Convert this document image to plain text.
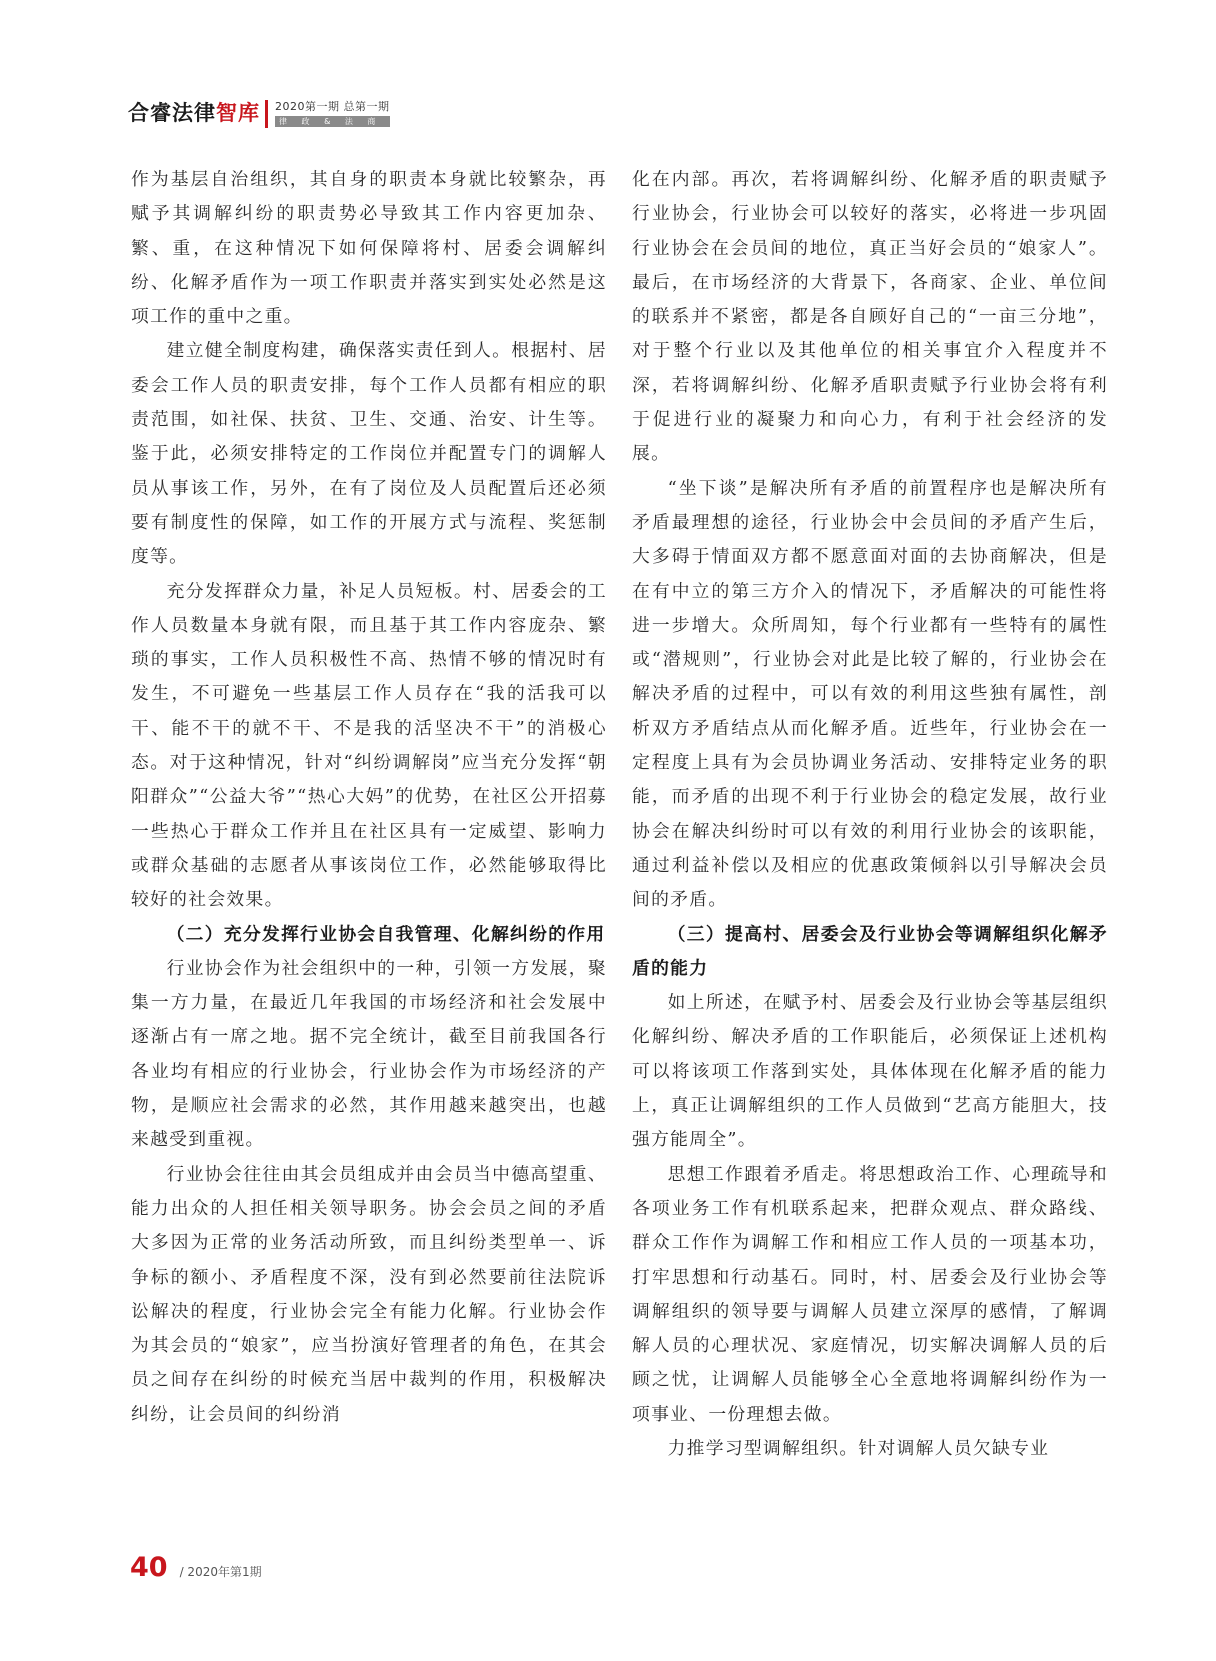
合睿法律智库 2020第一期 总第一期
律 政 & 法 商

作为基层自治组织，其自身的职责本身就比较繁杂，再赋予其调解纠纷的职责势必导致其工作内容更加杂、繁、重，在这种情况下如何保障将村、居委会调解纠纷、化解矛盾作为一项工作职责并落实到实处必然是这项工作的重中之重。

建立健全制度构建，确保落实责任到人。根据村、居委会工作人员的职责安排，每个工作人员都有相应的职责范围，如社保、扶贫、卫生、交通、治安、计生等。鉴于此，必须安排特定的工作岗位并配置专门的调解人员从事该工作，另外，在有了岗位及人员配置后还必须要有制度性的保障，如工作的开展方式与流程、奖惩制度等。

充分发挥群众力量，补足人员短板。村、居委会的工作人员数量本身就有限，而且基于其工作内容庞杂、繁琐的事实，工作人员积极性不高、热情不够的情况时有发生，不可避免一些基层工作人员存在“我的活我可以干、能不干的就不干、不是我的活坚决不干”的消极心态。对于这种情况，针对“纠纷调解岗”应当充分发挥“朝阳群众”“公益大爷”“热心大妈”的优势，在社区公开招募一些热心于群众工作并且在社区具有一定威望、影响力或群众基础的志愿者从事该岗位工作，必然能够取得比较好的社会效果。

（二）充分发挥行业协会自我管理、化解纠纷的作用

行业协会作为社会组织中的一种，引领一方发展，聚集一方力量，在最近几年我国的市场经济和社会发展中逐渐占有一席之地。据不完全统计，截至目前我国各行各业均有相应的行业协会，行业协会作为市场经济的产物，是顺应社会需求的必然，其作用越来越突出，也越来越受到重视。

行业协会往往由其会员组成并由会员当中德高望重、能力出众的人担任相关领导职务。协会会员之间的矛盾大多因为正常的业务活动所致，而且纠纷类型单一、诉争标的额小、矛盾程度不深，没有到必然要前往法院诉讼解决的程度，行业协会完全有能力化解。行业协会作为其会员的“娘家”，应当扮演好管理者的角色，在其会员之间存在纠纷的时候充当居中裁判的作用，积极解决纠纷，让会员间的纠纷消

化在内部。再次，若将调解纠纷、化解矛盾的职责赋予行业协会，行业协会可以较好的落实，必将进一步巩固行业协会在会员间的地位，真正当好会员的“娘家人”。最后，在市场经济的大背景下，各商家、企业、单位间的联系并不紧密，都是各自顾好自己的“一亩三分地”，对于整个行业以及其他单位的相关事宜介入程度并不深，若将调解纠纷、化解矛盾职责赋予行业协会将有利于促进行业的凝聚力和向心力，有利于社会经济的发展。

“坐下谈”是解决所有矛盾的前置程序也是解决所有矛盾最理想的途径，行业协会中会员间的矛盾产生后，大多碍于情面双方都不愿意面对面的去协商解决，但是在有中立的第三方介入的情况下，矛盾解决的可能性将进一步增大。众所周知，每个行业都有一些特有的属性或“潜规则”，行业协会对此是比较了解的，行业协会在解决矛盾的过程中，可以有效的利用这些独有属性，剖析双方矛盾结点从而化解矛盾。近些年，行业协会在一定程度上具有为会员协调业务活动、安排特定业务的职能，而矛盾的出现不利于行业协会的稳定发展，故行业协会在解决纠纷时可以有效的利用行业协会的该职能，通过利益补偿以及相应的优惠政策倾斜以引导解决会员间的矛盾。

（三）提高村、居委会及行业协会等调解组织化解矛盾的能力

如上所述，在赋予村、居委会及行业协会等基层组织化解纠纷、解决矛盾的工作职能后，必须保证上述机构可以将该项工作落到实处，具体体现在化解矛盾的能力上，真正让调解组织的工作人员做到“艺高方能胆大，技强方能周全”。

思想工作跟着矛盾走。将思想政治工作、心理疏导和各项业务工作有机联系起来，把群众观点、群众路线、群众工作作为调解工作和相应工作人员的一项基本功，打牢思想和行动基石。同时，村、居委会及行业协会等调解组织的领导要与调解人员建立深厚的感情，了解调解人员的心理状况、家庭情况，切实解决调解人员的后顾之忧，让调解人员能够全心全意地将调解纠纷作为一项事业、一份理想去做。

力推学习型调解组织。针对调解人员欠缺专业

40 / 2020年第1期
